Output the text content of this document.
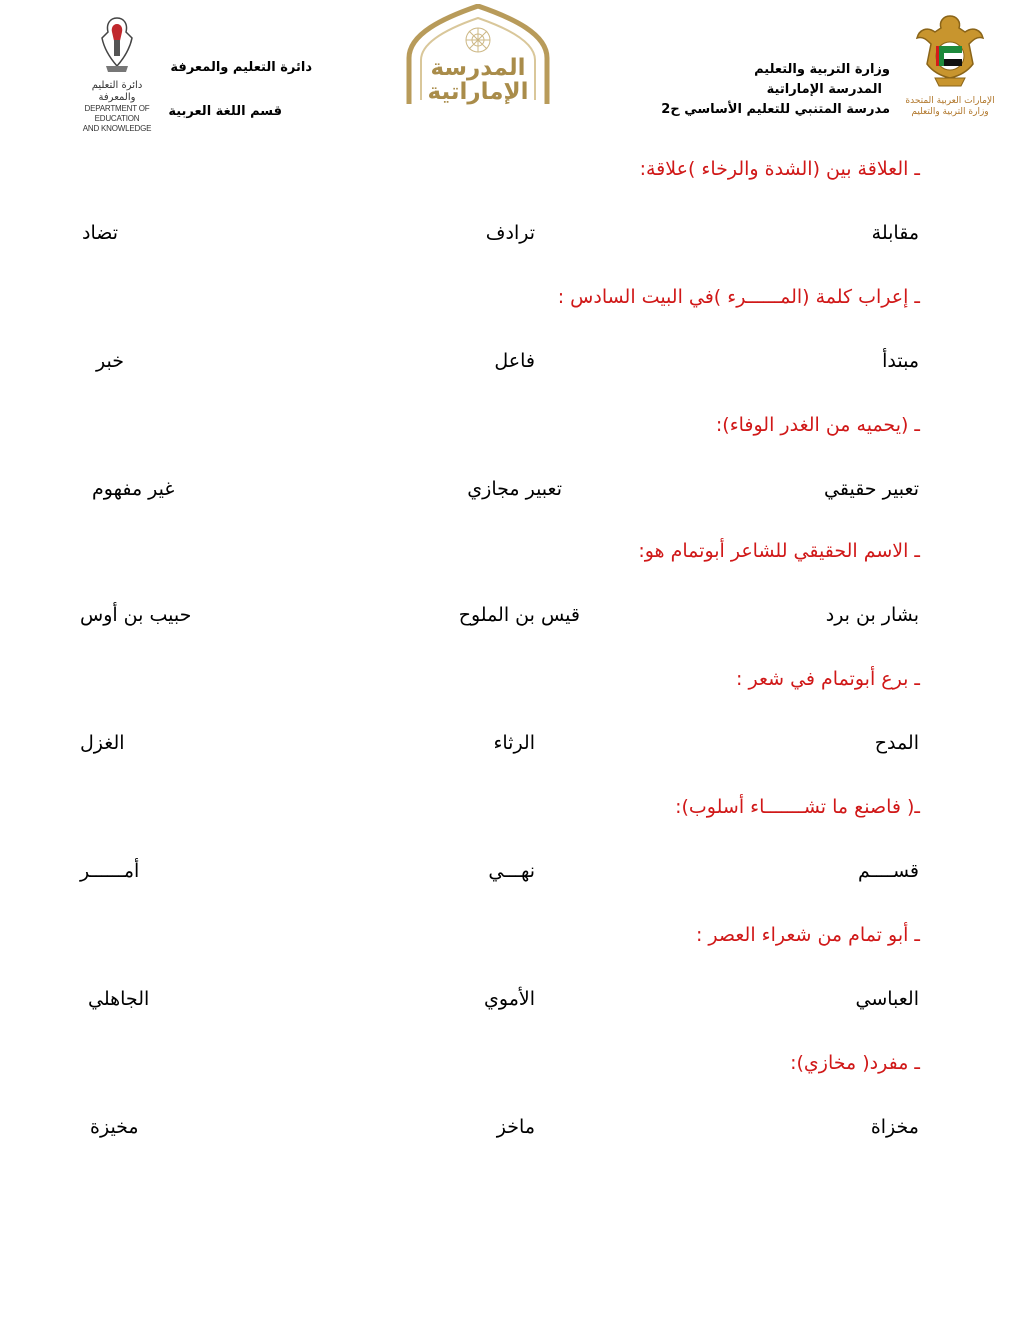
الإمارات العربية المتحدة
وزارة التربية والتعليم
وزارة التربية والتعليم
المدرسة الإماراتية
مدرسة المتنبي للتعليم الأساسي ح2
المدرسة
الإماراتية
دائرة التعليم والمعرفة
قسم اللغة العربية
دائرة التعليم والمعرفة
DEPARTMENT OF EDUCATION
AND KNOWLEDGE
ـ العلاقة بين (الشدة والرخاء )علاقة:
مقابلة
ترادف
تضاد
ـ إعراب كلمة (المــــــرء )في البيت السادس :
مبتدأ
فاعل
خبر
ـ (يحميه من الغدر الوفاء):
تعبير حقيقي
تعبير مجازي
غير مفهوم
ـ الاسم الحقيقي للشاعر أبوتمام هو:
بشار بن برد
قيس بن الملوح
حبيب بن أوس
ـ برع أبوتمام في شعر :
المدح
الرثاء
الغزل
ـ( فاصنع ما تشـــــــاء أسلوب):
قســــم
نهـــي
أمــــــر
ـ أبو تمام من شعراء العصر :
العباسي
الأموي
الجاهلي
ـ مفرد( مخازي):
مخزاة
ماخز
مخيزة
